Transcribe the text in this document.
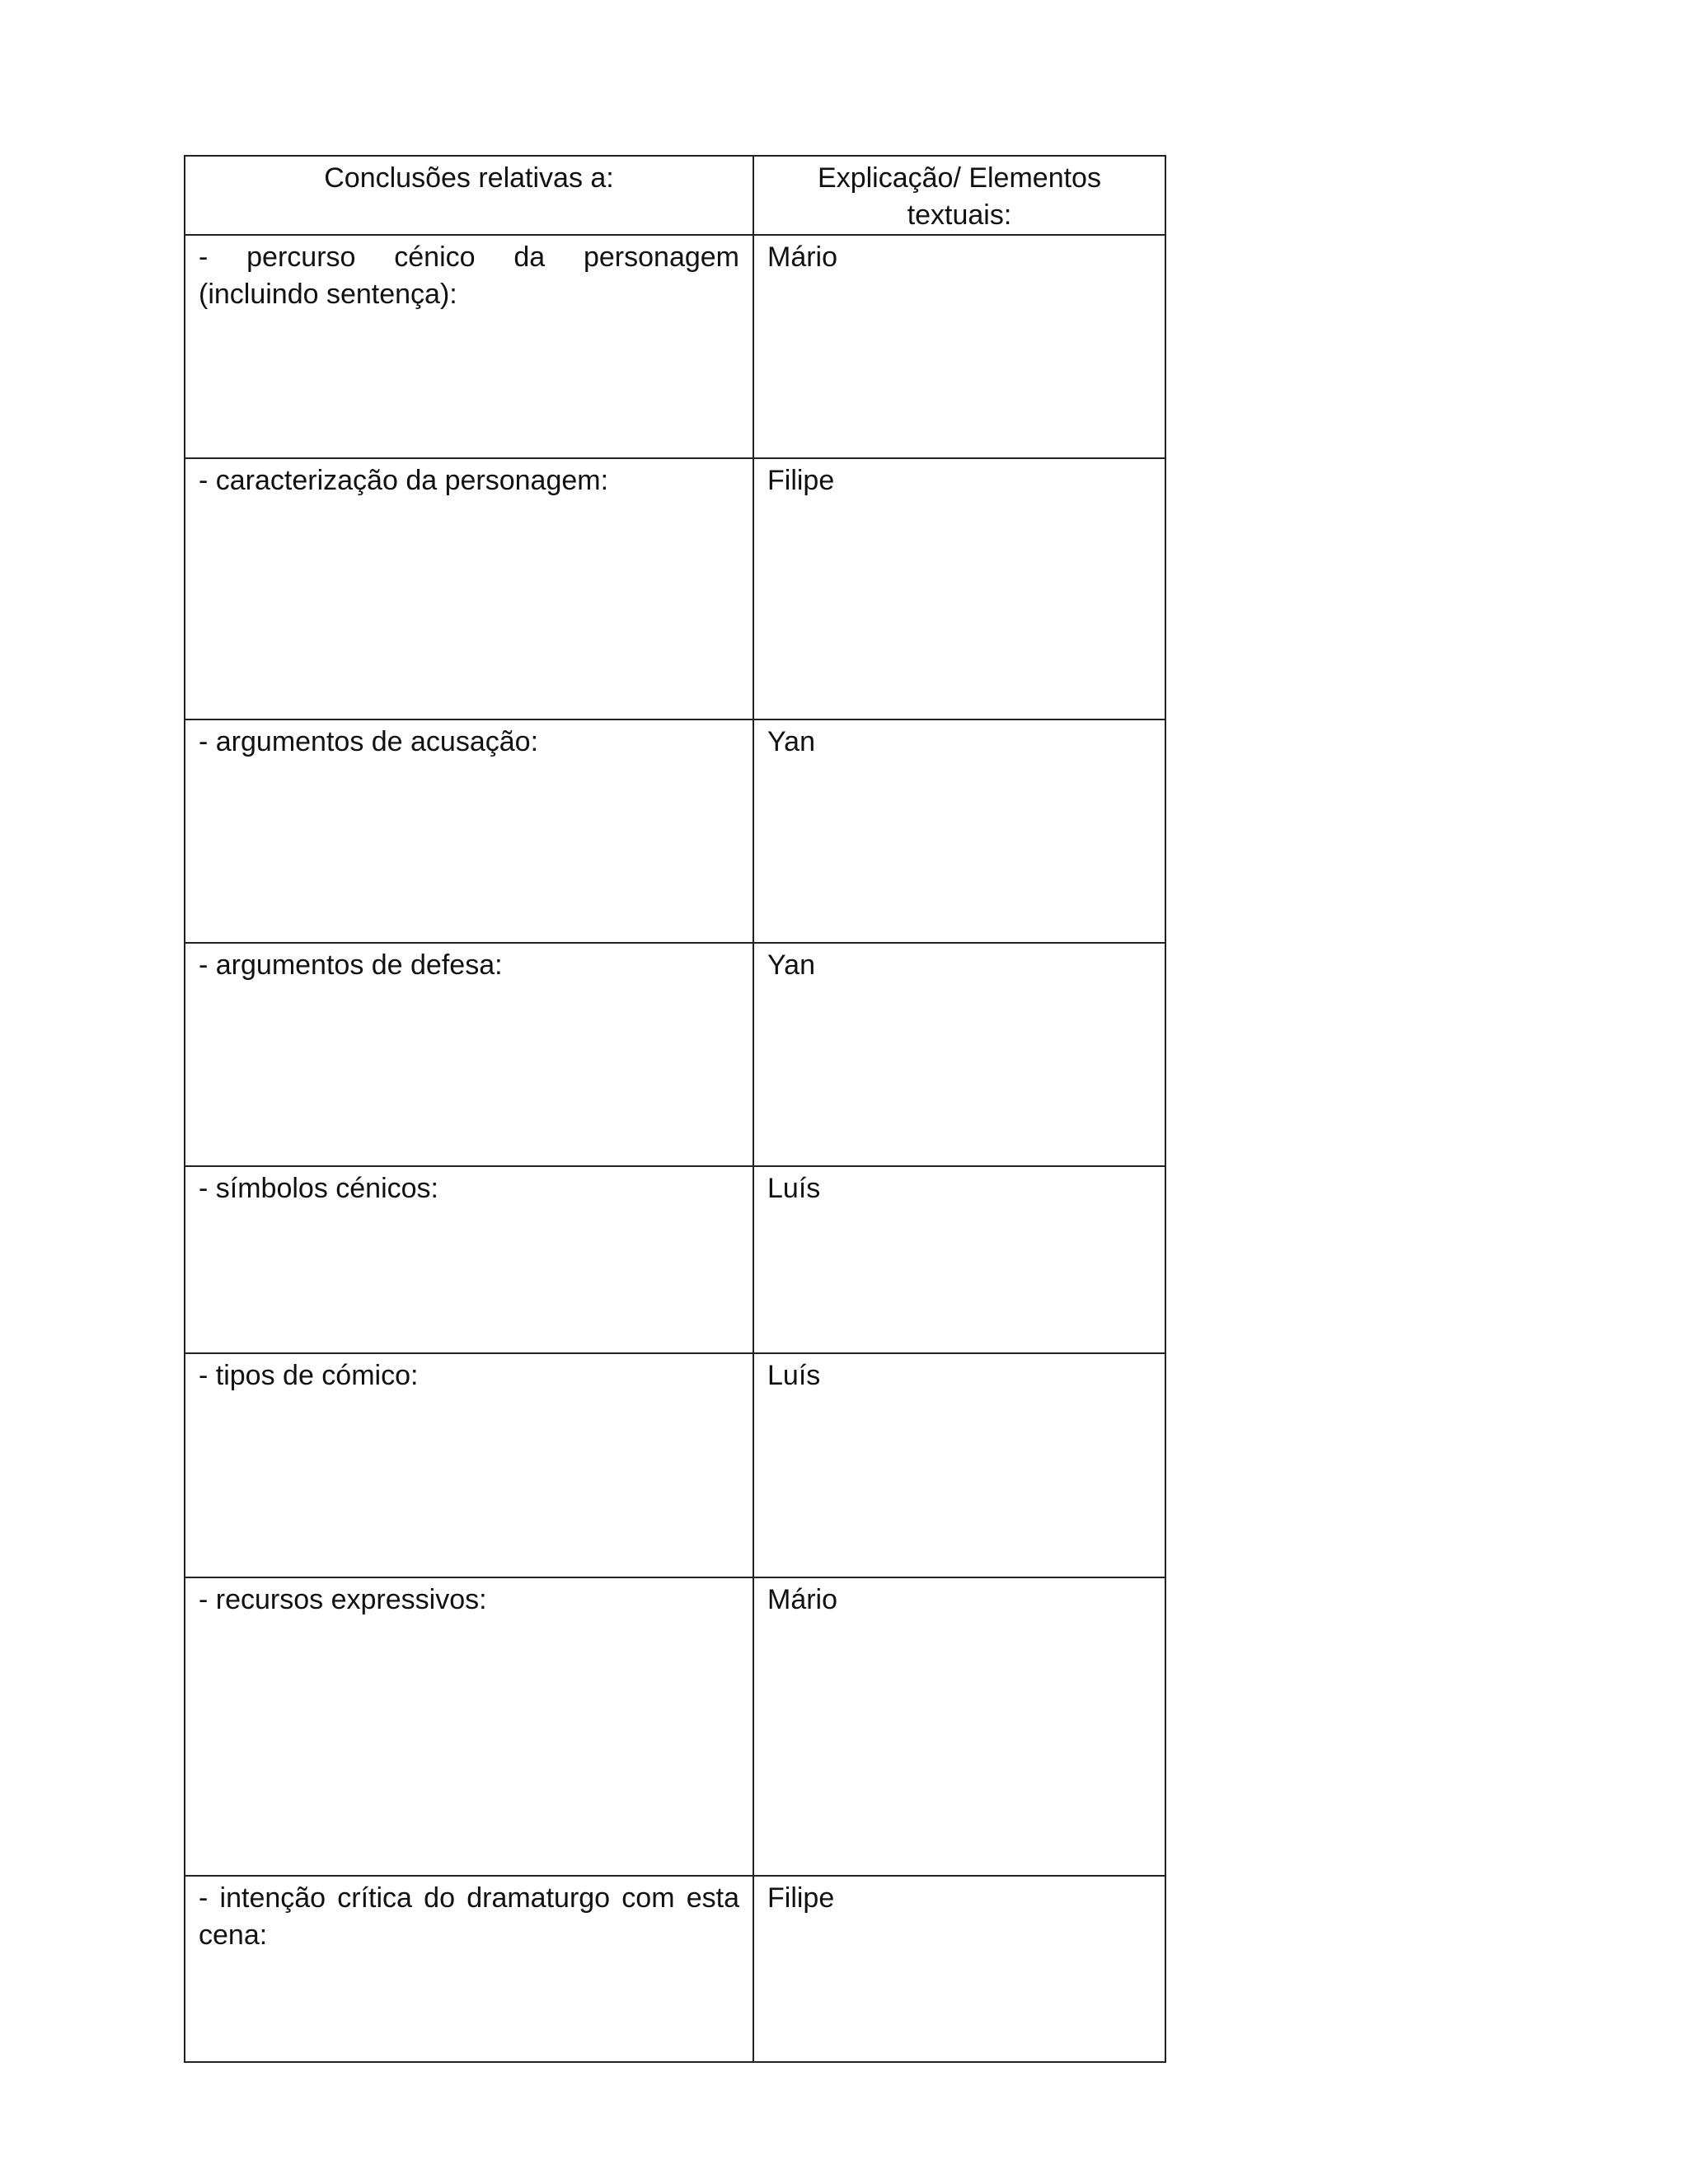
Conclusões relativas a:	Explicação/ Elementos textuais:
- percurso cénico da personagem (incluindo sentença):	Mário
- caracterização da personagem:	Filipe
- argumentos de acusação:	Yan
- argumentos de defesa:	Yan
- símbolos cénicos:	Luís
- tipos de cómico:	Luís
- recursos expressivos:	Mário
- intenção crítica do dramaturgo com esta cena:	Filipe
